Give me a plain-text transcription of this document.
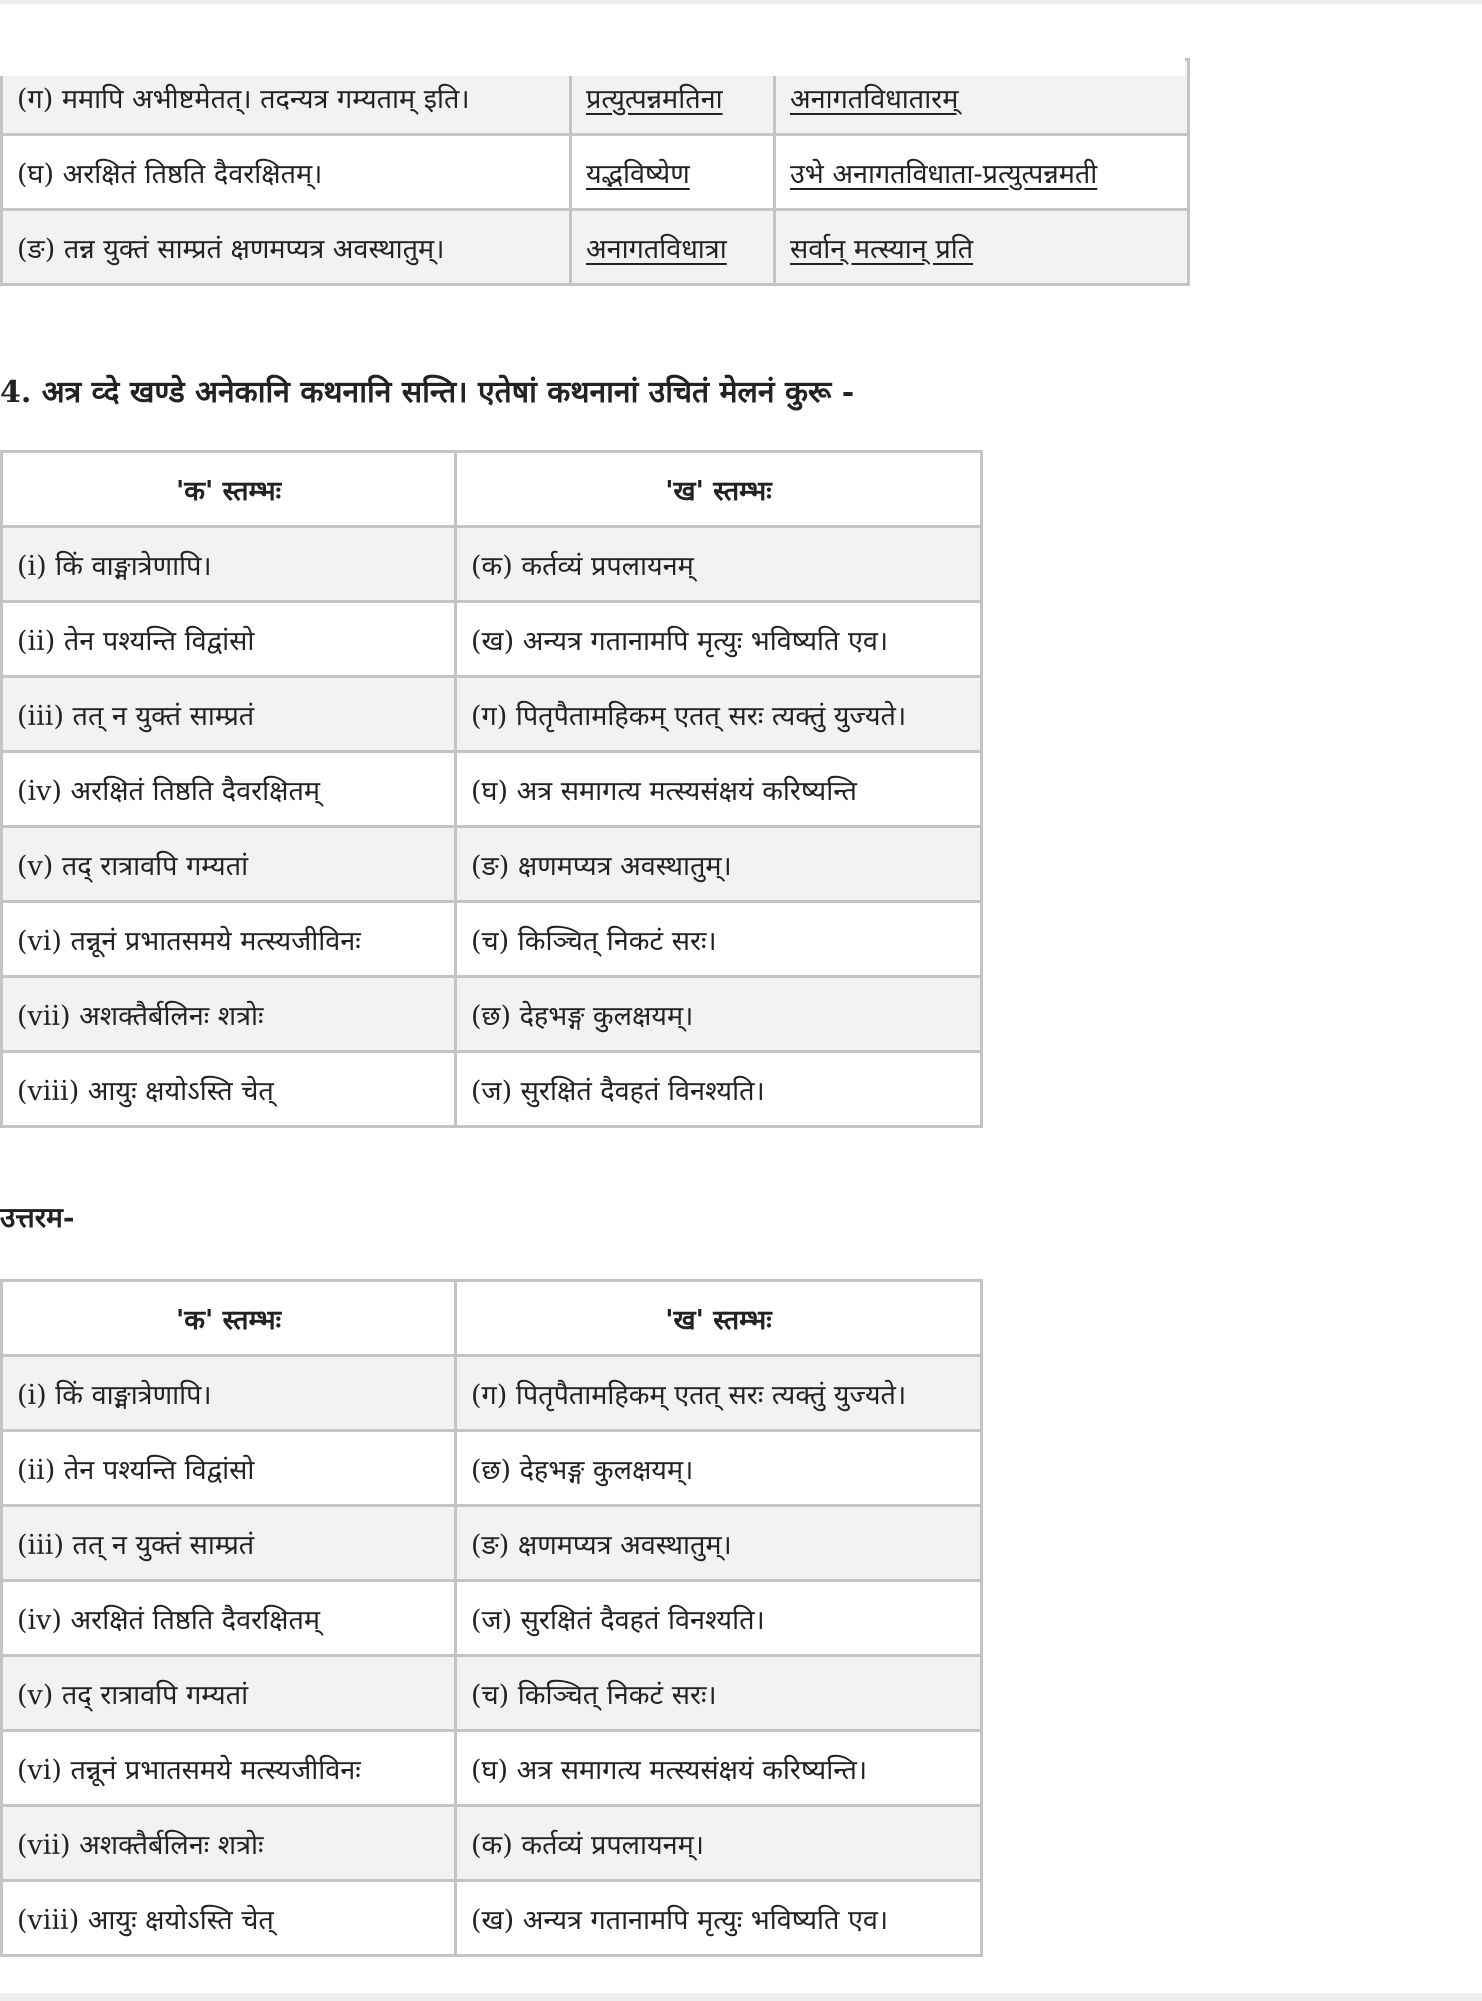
(ग) ममापि अभीष्टमेतत्। तदन्यत्र गम्यताम् इति।	प्रत्युत्पन्नमतिना	अनागतविधातारम्
(घ) अरक्षितं तिष्ठति दैवरक्षितम्।	यद्भविष्येण	उभे अनागतविधाता-प्रत्युत्पन्नमती
(ङ) तन्न युक्तं साम्प्रतं क्षणमप्यत्र अवस्थातुम्।	अनागतविधात्रा	सर्वान् मत्स्यान् प्रति
4. अत्र व्दे खण्डे अनेकानि कथनानि सन्ति। एतेषां कथनानां उचितं मेलनं कुरू -
'क' स्तम्भः	'ख' स्तम्भः
(i) किं वाङ्मात्रेणापि।	(क) कर्तव्यं प्रपलायनम्
(ii) तेन पश्यन्ति विद्वांसो	(ख) अन्यत्र गतानामपि मृत्युः भविष्यति एव।
(iii) तत् न युक्तं साम्प्रतं	(ग) पितृपैतामहिकम् एतत् सरः त्यक्तुं युज्यते।
(iv) अरक्षितं तिष्ठति दैवरक्षितम्	(घ) अत्र समागत्य मत्स्यसंक्षयं करिष्यन्ति
(v) तद् रात्रावपि गम्यतां	(ङ) क्षणमप्यत्र अवस्थातुम्।
(vi) तन्नूनं प्रभातसमये मत्स्यजीविनः	(च) किञ्चित् निकटं सरः।
(vii) अशक्तैर्बलिनः शत्रोः	(छ) देहभङ्ग कुलक्षयम्।
(viii) आयुः क्षयोऽस्ति चेत्	(ज) सुरक्षितं दैवहतं विनश्यति।
उत्तरम-
'क' स्तम्भः	'ख' स्तम्भः
(i) किं वाङ्मात्रेणापि।	(ग) पितृपैतामहिकम् एतत् सरः त्यक्तुं युज्यते।
(ii) तेन पश्यन्ति विद्वांसो	(छ) देहभङ्ग कुलक्षयम्।
(iii) तत् न युक्तं साम्प्रतं	(ङ) क्षणमप्यत्र अवस्थातुम्।
(iv) अरक्षितं तिष्ठति दैवरक्षितम्	(ज) सुरक्षितं दैवहतं विनश्यति।
(v) तद् रात्रावपि गम्यतां	(च) किञ्चित् निकटं सरः।
(vi) तन्नूनं प्रभातसमये मत्स्यजीविनः	(घ) अत्र समागत्य मत्स्यसंक्षयं करिष्यन्ति।
(vii) अशक्तैर्बलिनः शत्रोः	(क) कर्तव्यं प्रपलायनम्।
(viii) आयुः क्षयोऽस्ति चेत्	(ख) अन्यत्र गतानामपि मृत्युः भविष्यति एव।
